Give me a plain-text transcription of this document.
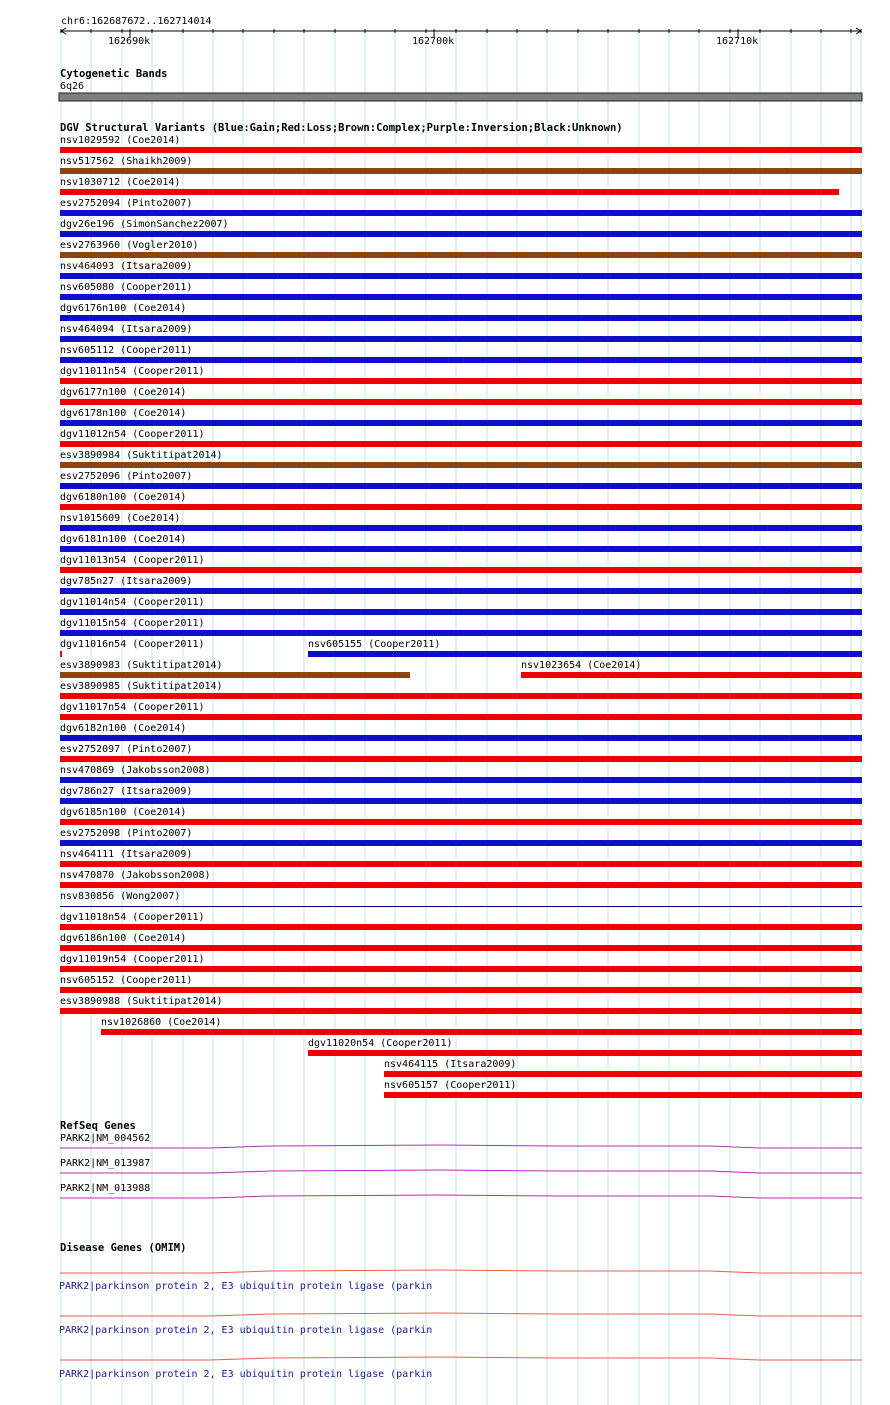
chr6:162687672..162714014
162690k	162700k	162710k
Cytogenetic Bands
6q26
DGV Structural Variants (Blue:Gain;Red:Loss;Brown:Complex;Purple:Inversion;Black:Unknown)
nsv1029592 (Coe2014)
nsv517562 (Shaikh2009)
nsv1030712 (Coe2014)
esv2752094 (Pinto2007)
dgv26e196 (SimonSanchez2007)
esv2763960 (Vogler2010)
nsv464093 (Itsara2009)
nsv605080 (Cooper2011)
dgv6176n100 (Coe2014)
nsv464094 (Itsara2009)
nsv605112 (Cooper2011)
dgv11011n54 (Cooper2011)
dgv6177n100 (Coe2014)
dgv6178n100 (Coe2014)
dgv11012n54 (Cooper2011)
esv3890984 (Suktitipat2014)
esv2752096 (Pinto2007)
dgv6180n100 (Coe2014)
nsv1015609 (Coe2014)
dgv6181n100 (Coe2014)
dgv11013n54 (Cooper2011)
dgv785n27 (Itsara2009)
dgv11014n54 (Cooper2011)
dgv11015n54 (Cooper2011)
dgv11016n54 (Cooper2011)	nsv605155 (Cooper2011)
esv3890983 (Suktitipat2014)	nsv1023654 (Coe2014)
esv3890985 (Suktitipat2014)
dgv11017n54 (Cooper2011)
dgv6182n100 (Coe2014)
esv2752097 (Pinto2007)
nsv470869 (Jakobsson2008)
dgv786n27 (Itsara2009)
dgv6185n100 (Coe2014)
esv2752098 (Pinto2007)
nsv464111 (Itsara2009)
nsv470870 (Jakobsson2008)
nsv830856 (Wong2007)
dgv11018n54 (Cooper2011)
dgv6186n100 (Coe2014)
dgv11019n54 (Cooper2011)
nsv605152 (Cooper2011)
esv3890988 (Suktitipat2014)
nsv1026860 (Coe2014)
dgv11020n54 (Cooper2011)
nsv464115 (Itsara2009)
nsv605157 (Cooper2011)
RefSeq Genes
PARK2|NM_004562
PARK2|NM_013987
PARK2|NM_013988
Disease Genes (OMIM)
PARK2|parkinson protein 2, E3 ubiquitin protein ligase (parkin
PARK2|parkinson protein 2, E3 ubiquitin protein ligase (parkin
PARK2|parkinson protein 2, E3 ubiquitin protein ligase (parkin
